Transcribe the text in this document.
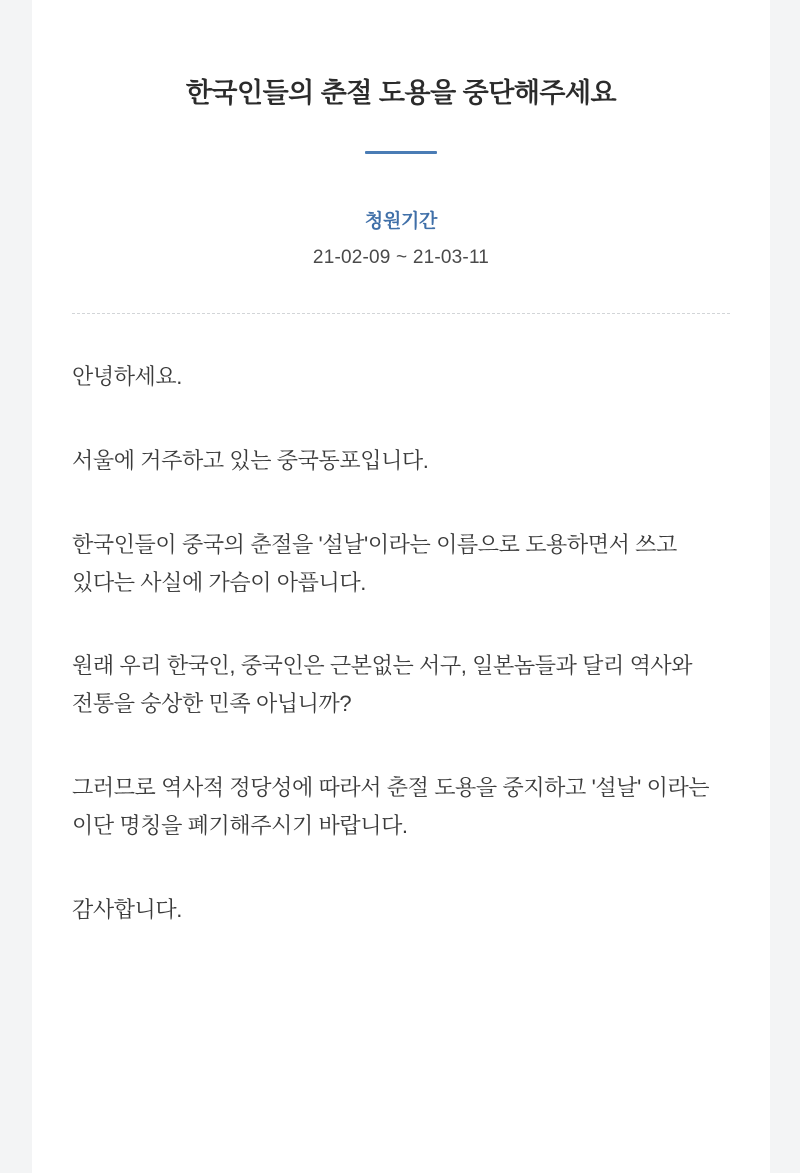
한국인들의 춘절 도용을 중단해주세요
청원기간
21-02-09 ~ 21-03-11

안녕하세요.

서울에 거주하고 있는 중국동포입니다.

한국인들이 중국의 춘절을 '설날'이라는 이름으로 도용하면서 쓰고 있다는 사실에 가슴이 아픕니다.

원래 우리 한국인, 중국인은 근본없는 서구, 일본놈들과 달리 역사와 전통을 숭상한 민족 아닙니까?

그러므로 역사적 정당성에 따라서 춘절 도용을 중지하고 '설날' 이라는 이단 명칭을 폐기해주시기 바랍니다.

감사합니다.
